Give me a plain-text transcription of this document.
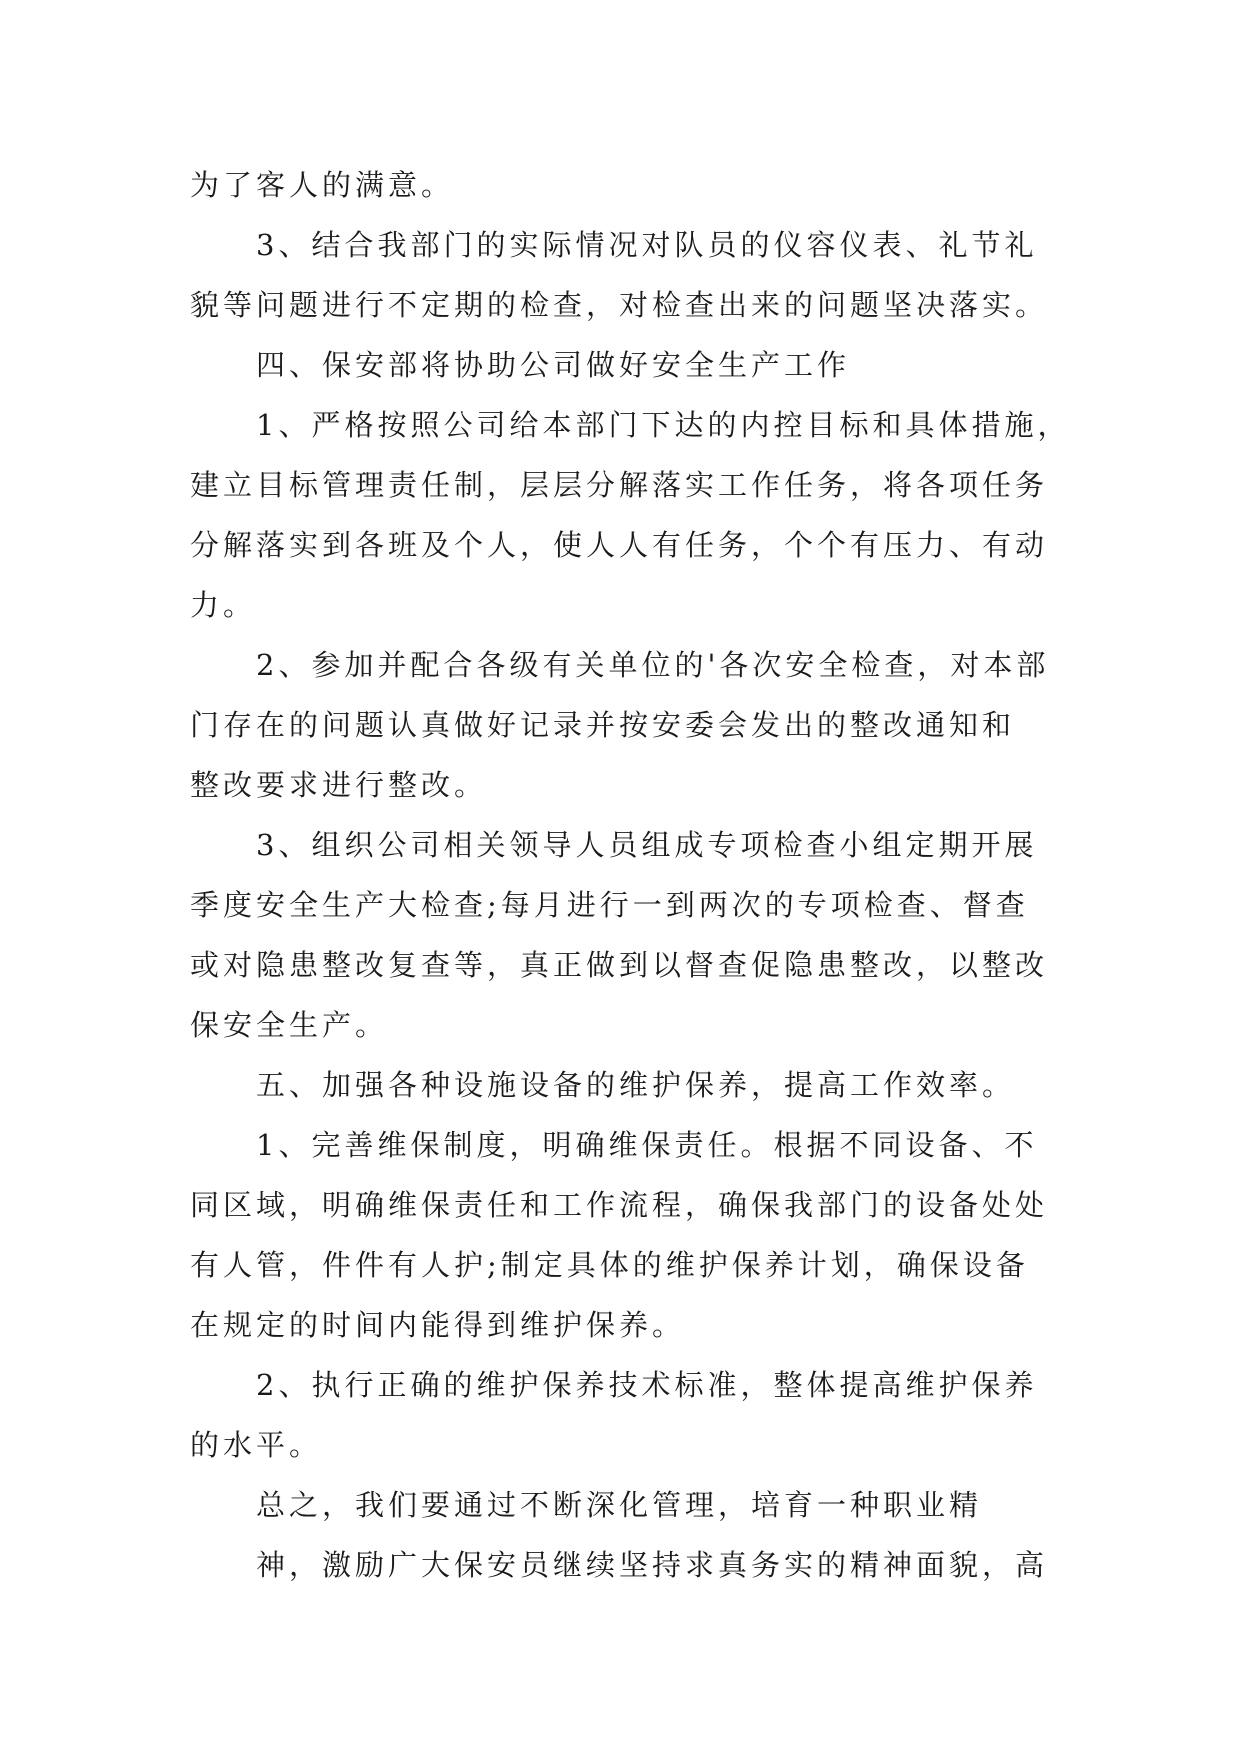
为了客人的满意。
3、结合我部门的实际情况对队员的仪容仪表、礼节礼
貌等问题进行不定期的检查，对检查出来的问题坚决落实。
四、保安部将协助公司做好安全生产工作
1、严格按照公司给本部门下达的内控目标和具体措施，
建立目标管理责任制，层层分解落实工作任务，将各项任务
分解落实到各班及个人，使人人有任务，个个有压力、有动
力。
2、参加并配合各级有关单位的'各次安全检查，对本部
门存在的问题认真做好记录并按安委会发出的整改通知和
整改要求进行整改。
3、组织公司相关领导人员组成专项检查小组定期开展
季度安全生产大检查;每月进行一到两次的专项检查、督查
或对隐患整改复查等，真正做到以督查促隐患整改，以整改
保安全生产。
五、加强各种设施设备的维护保养，提高工作效率。
1、完善维保制度，明确维保责任。根据不同设备、不
同区域，明确维保责任和工作流程，确保我部门的设备处处
有人管，件件有人护;制定具体的维护保养计划，确保设备
在规定的时间内能得到维护保养。
2、执行正确的维护保养技术标准，整体提高维护保养
的水平。
总之，我们要通过不断深化管理，培育一种职业精
神，激励广大保安员继续坚持求真务实的精神面貌，高
